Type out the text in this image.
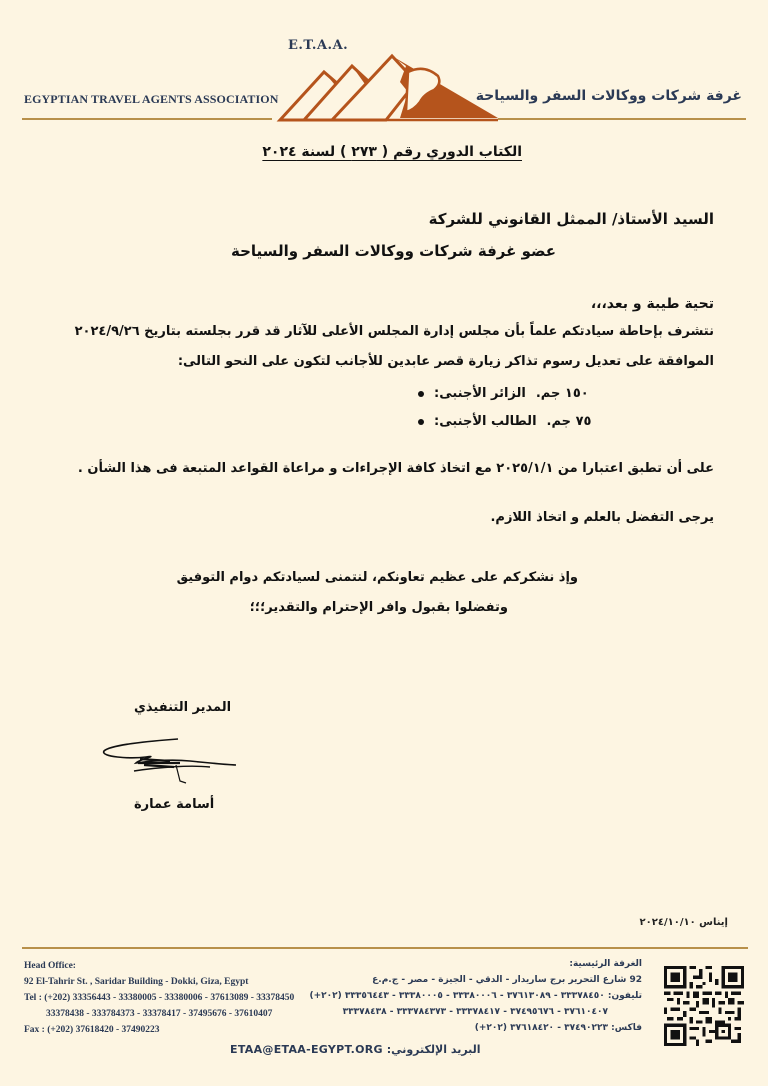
E.T.A.A.
EGYPTIAN TRAVEL AGENTS ASSOCIATION	غرفة شركات ووكالات السفر والسياحة
الكتاب الدوري رقم ( ٢٧٣ ) لسنة ٢٠٢٤
السيد الأستاذ/ الممثل القانوني للشركة
عضو غرفة شركات ووكالات السفر والسياحة
تحية طيبة و بعد،،،
نتشرف بإحاطة سيادتكم علماً بأن مجلس إدارة المجلس الأعلى للآثار قد قرر بجلسته بتاريخ ٢٠٢٤/٩/٢٦
الموافقة على تعديل رسوم تذاكر زيارة قصر عابدين للأجانب لتكون على النحو التالى:
الزائر الأجنبى: ١٥٠ جم.
الطالب الأجنبى: ٧٥ جم.
على أن تطبق اعتبارا من ٢٠٢٥/١/١ مع اتخاذ كافة الإجراءات و مراعاة القواعد المتبعة فى هذا الشأن .
يرجى التفضل بالعلم و اتخاذ اللازم.
وإذ نشكركم على عظيم تعاونكم، لنتمنى لسيادتكم دوام التوفيق
وتفضلوا بقبول وافر الإحترام والتقدير؛؛؛
المدير التنفيذي
أسامة عمارة
إيناس ٢٠٢٤/١٠/١٠
Head Office:
92 El-Tahrir St. , Saridar Building - Dokki, Giza, Egypt
Tel : (+202) 33356443 - 33380005 - 33380006 - 37613089 - 33378450
33378438 - 333784373 - 33378417 - 37495676 - 37610407
Fax : (+202) 37618420 - 37490223
الغرفة الرئيسية:
92 شارع التحرير برج ساريدار - الدقي - الجيزة - مصر - ج.م.ع
تليفون: ٣٣٣٧٨٤٥٠ - ٣٧٦١٣٠٨٩ - ٣٣٣٨٠٠٠٦ - ٣٣٣٨٠٠٠٥ - ٣٣٣٥٦٤٤٣ (٢٠٢+)
٣٧٦١٠٤٠٧ - ٣٧٤٩٥٦٧٦ - ٣٣٣٧٨٤١٧ - ٣٣٣٧٨٤٣٧٣ - ٣٣٣٧٨٤٣٨
فاكس: ٣٧٤٩٠٢٢٣ - ٣٧٦١٨٤٢٠ (٢٠٢+)
البريد الإلكتروني: ETAA@ETAA-EGYPT.ORG
